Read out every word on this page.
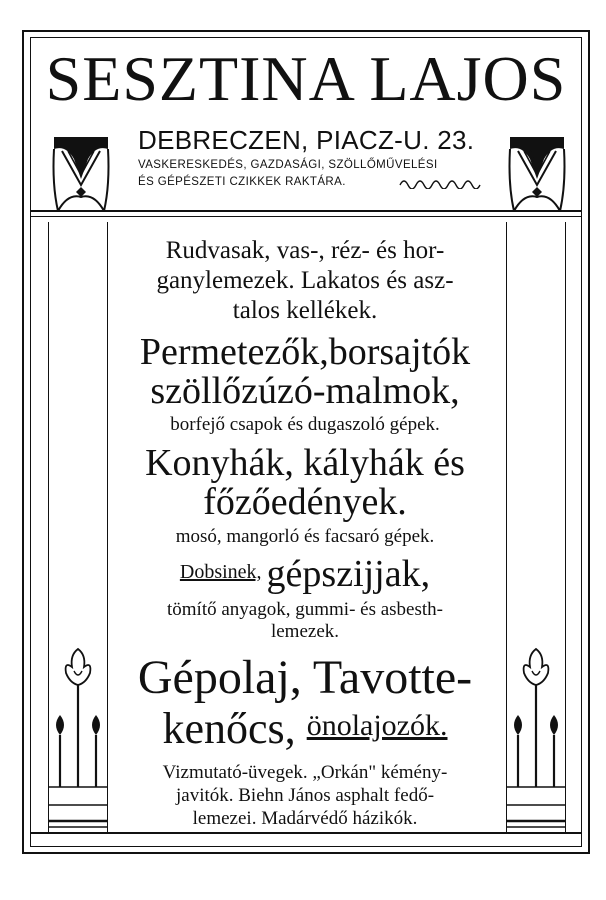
SESZTINA LAJOS
DEBRECZEN, PIACZ-U. 23.
VASKERESKEDÉS, GAZDASÁGI, SZÖLLŐMŰVELÉSI
ÉS GÉPÉSZETI CZIKKEK RAKTÁRA.
Rudvasak, vas-, réz- és hor-
ganylemezek. Lakatos és asz-
talos kellékek.
Permetezők,borsajtók
szöllőzúzó-malmok,
borfejő csapok és dugaszoló gépek.
Konyhák, kályhák és
főzőedények.
mosó, mangorló és facsaró gépek.
Dobsinek, gépszijjak,
tömítő anyagok, gummi- és asbesth-
lemezek.
Gépolaj, Tavotte-
kenőcs, önolajozók.
Vizmutató-üvegek. „Orkán" kémény-
javitók. Biehn János asphalt fedő-
lemezei. Madárvédő házikók.
